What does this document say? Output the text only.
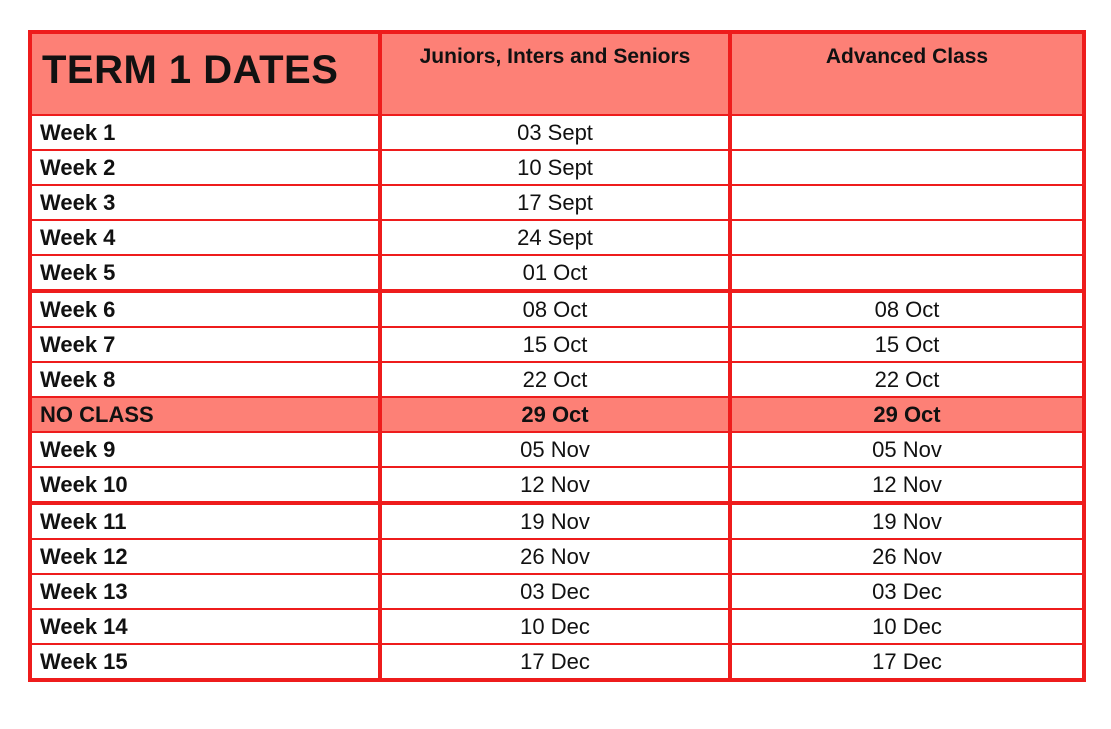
TERM 1 DATES	Juniors, Inters and Seniors	Advanced Class
Week 1	03 Sept	
Week 2	10 Sept	
Week 3	17 Sept	
Week 4	24 Sept	
Week 5	01 Oct	
Week 6	08 Oct	08 Oct
Week 7	15 Oct	15 Oct
Week 8	22 Oct	22 Oct
NO CLASS	29 Oct	29 Oct
Week 9	05 Nov	05 Nov
Week 10	12 Nov	12 Nov
Week 11	19 Nov	19 Nov
Week 12	26 Nov	26 Nov
Week 13	03 Dec	03 Dec
Week 14	10 Dec	10 Dec
Week 15	17 Dec	17 Dec
